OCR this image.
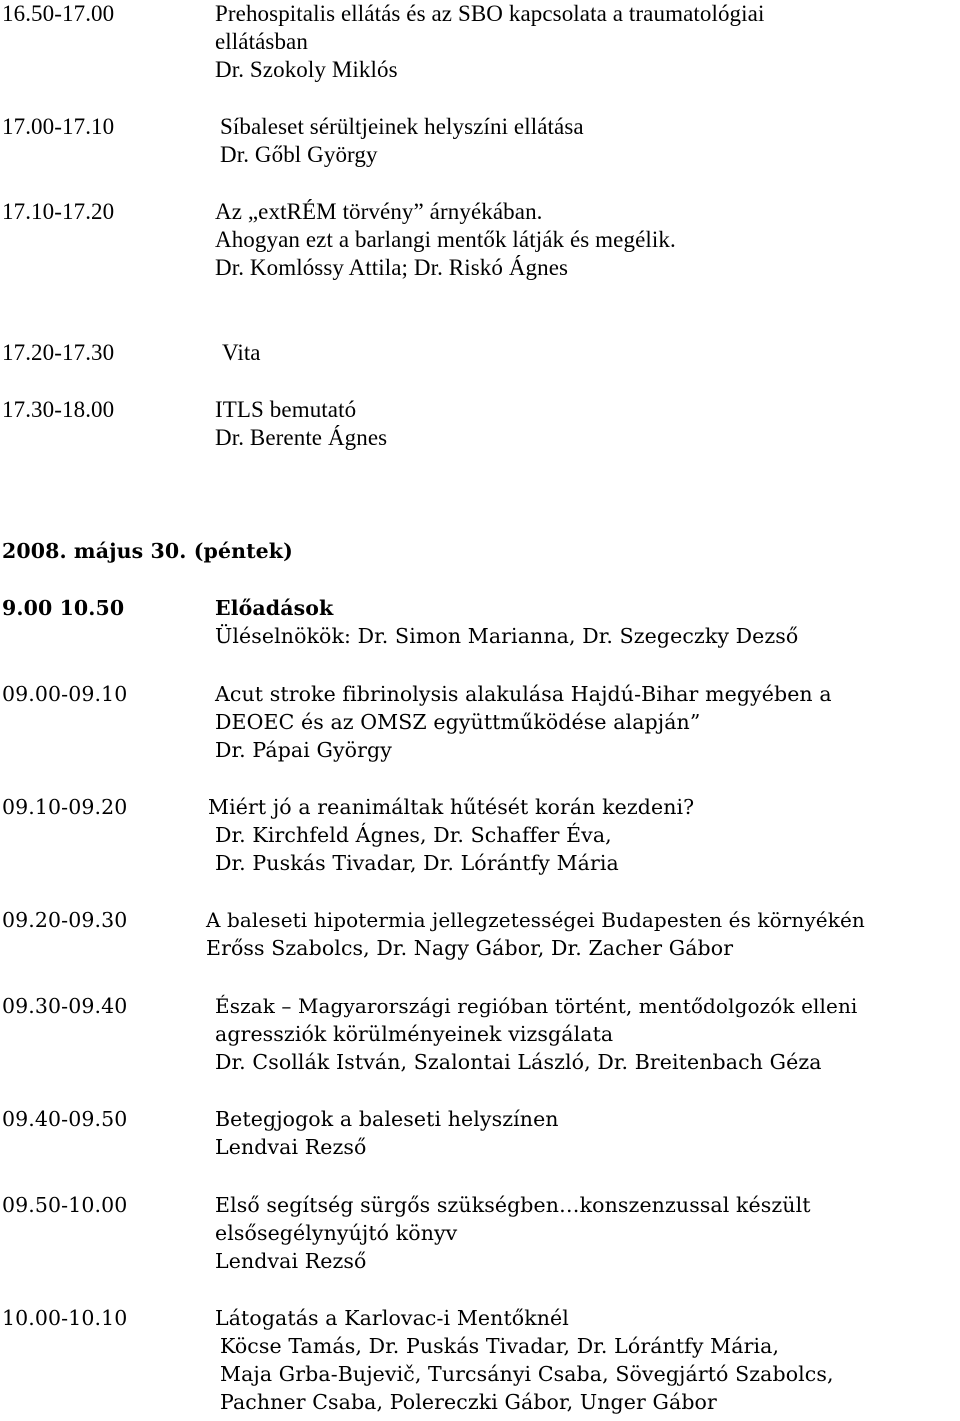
16.50-17.00	Prehospitalis ellátás és az SBO kapcsolata a traumatológiai
ellátásban
Dr. Szokoly Miklós
17.00-17.10	Síbaleset sérültjeinek helyszíni ellátása
Dr. Gőbl György
17.10-17.20	Az „extRÉM törvény” árnyékában.
Ahogyan ezt a barlangi mentők látják és megélik.
Dr. Komlóssy Attila; Dr. Riskó Ágnes
17.20-17.30	Vita
17.30-18.00	ITLS bemutató
Dr. Berente Ágnes
2008. május 30. (péntek)
9.00 10.50	Előadások
Üléselnökök: Dr. Simon Marianna, Dr. Szegeczky Dezső
09.00-09.10	Acut stroke fibrinolysis alakulása Hajdú-Bihar megyében a
DEOEC és az OMSZ együttműködése alapján”
Dr. Pápai György
09.10-09.20	Miért jó a reanimáltak hűtését korán kezdeni?
Dr. Kirchfeld Ágnes, Dr. Schaffer Éva,
Dr. Puskás Tivadar, Dr. Lórántfy Mária
09.20-09.30	A baleseti hipotermia jellegzetességei Budapesten és környékén
Erőss Szabolcs, Dr. Nagy Gábor, Dr. Zacher Gábor
09.30-09.40	Észak – Magyarországi regióban történt, mentődolgozók elleni
agressziók körülményeinek vizsgálata
Dr. Csollák István, Szalontai László, Dr. Breitenbach Géza
09.40-09.50	Betegjogok a baleseti helyszínen
Lendvai Rezső
09.50-10.00	Első segítség sürgős szükségben…konszenzussal készült
elsősegélynyújtó könyv
Lendvai Rezső
10.00-10.10	Látogatás a Karlovac-i Mentőknél
Köcse Tamás, Dr. Puskás Tivadar, Dr. Lórántfy Mária,
Maja Grba-Bujevič, Turcsányi Csaba, Sövegjártó Szabolcs,
Pachner Csaba, Polereczki Gábor, Unger Gábor
